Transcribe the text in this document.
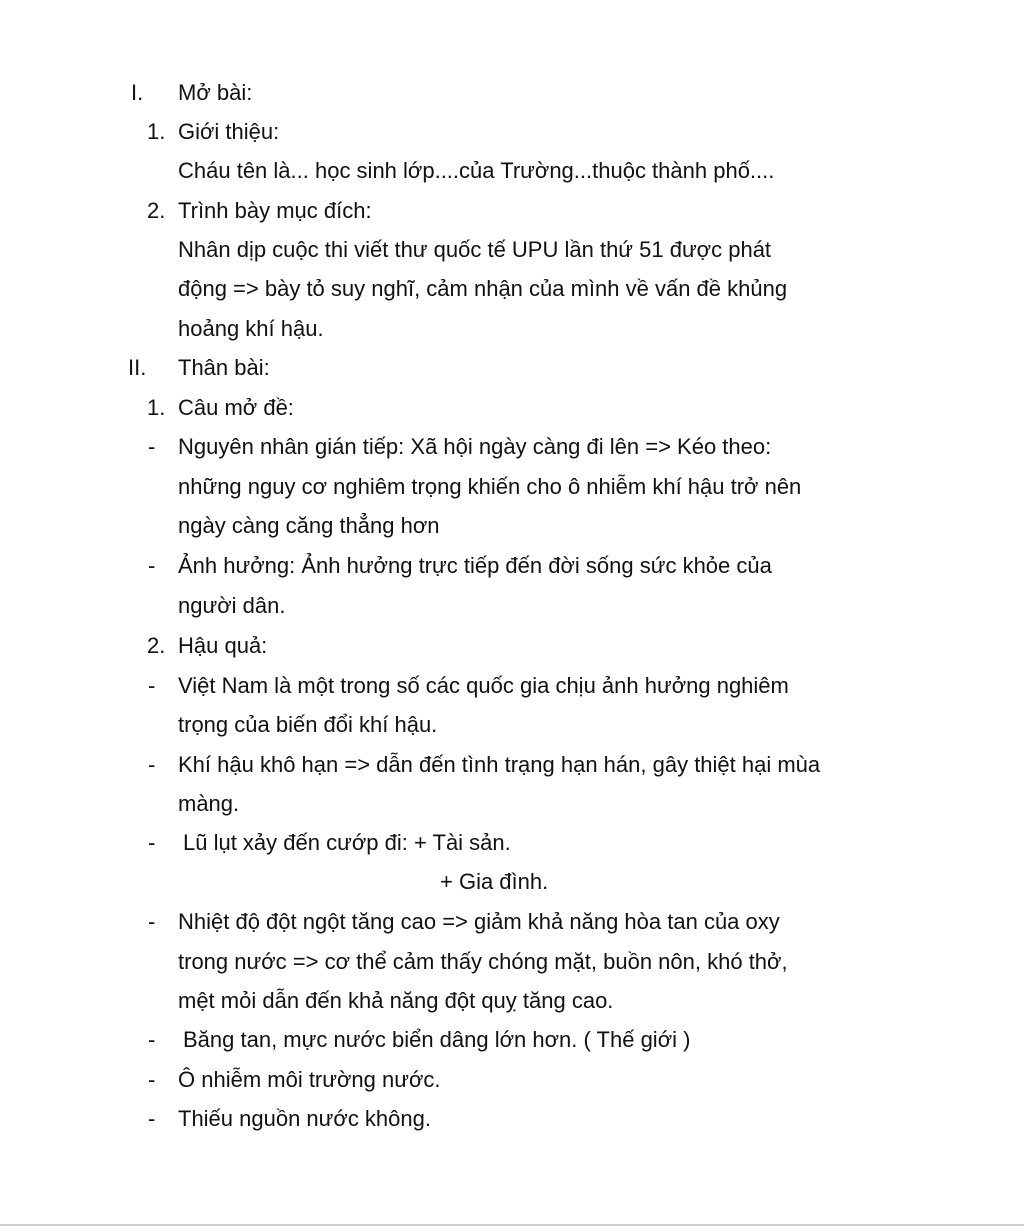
I. Mở bài:
1. Giới thiệu:
Cháu tên là... học sinh lớp....của Trường...thuộc thành phố....
2. Trình bày mục đích:
Nhân dịp cuộc thi viết thư quốc tế UPU lần thứ 51 được phát
động => bày tỏ suy nghĩ, cảm nhận của mình về vấn đề khủng
hoảng khí hậu.
II. Thân bài:
1. Câu mở đề:
- Nguyên nhân gián tiếp: Xã hội ngày càng đi lên => Kéo theo:
những nguy cơ nghiêm trọng khiến cho ô nhiễm khí hậu trở nên
ngày càng căng thẳng hơn
- Ảnh hưởng: Ảnh hưởng trực tiếp đến đời sống sức khỏe của
người dân.
2. Hậu quả:
- Việt Nam là một trong số các quốc gia chịu ảnh hưởng nghiêm
trọng của biến đổi khí hậu.
- Khí hậu khô hạn => dẫn đến tình trạng hạn hán, gây thiệt hại mùa
màng.
- Lũ lụt xảy đến cướp đi: + Tài sản.
+ Gia đình.
- Nhiệt độ đột ngột tăng cao => giảm khả năng hòa tan của oxy
trong nước => cơ thể cảm thấy chóng mặt, buồn nôn, khó thở,
mệt mỏi dẫn đến khả năng đột quỵ tăng cao.
- Băng tan, mực nước biển dâng lớn hơn. ( Thế giới )
- Ô nhiễm môi trường nước.
- Thiếu nguồn nước không.
